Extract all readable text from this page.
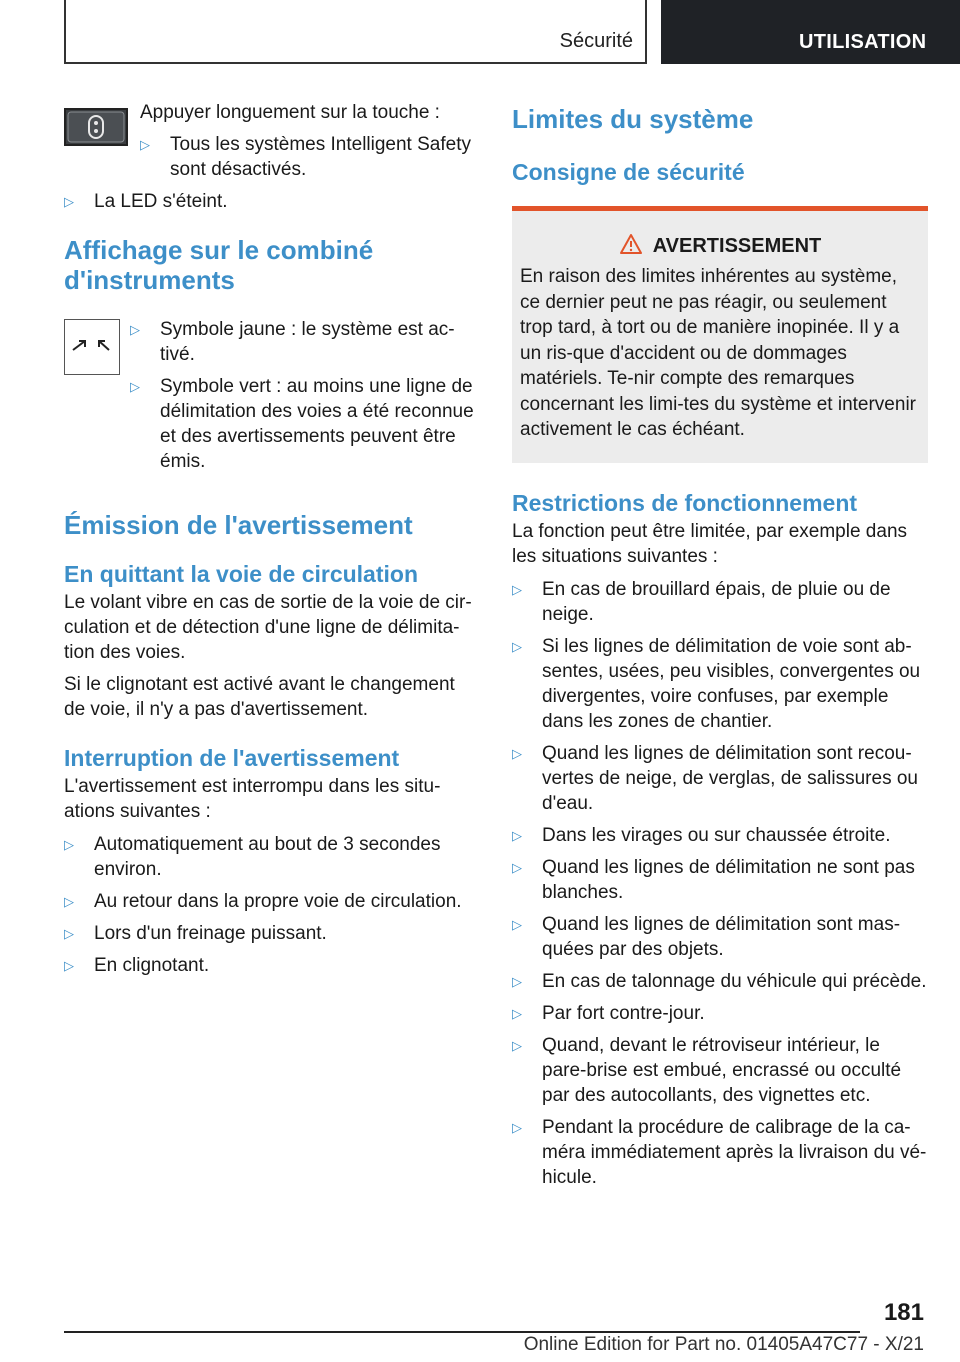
Sécurité	UTILISATION

Appuyer longuement sur la touche :

▷	Tous les systèmes Intelligent Safety sont désactivés.
▷	La LED s'éteint.
Affichage sur le combiné d'instruments
▷	Symbole jaune : le système est ac-tivé.
▷	Symbole vert : au moins une ligne de délimitation des voies a été reconnue et des avertissements peuvent être émis.
Émission de l'avertissement
En quittant la voie de circulation

Le volant vibre en cas de sortie de la voie de cir-culation et de détection d'une ligne de délimita-tion des voies.

Si le clignotant est activé avant le changement de voie, il n'y a pas d'avertissement.

Interruption de l'avertissement

L'avertissement est interrompu dans les situ-ations suivantes :

▷	Automatiquement au bout de 3 secondes environ.
▷	Au retour dans la propre voie de circulation.
▷	Lors d'un freinage puissant.
▷	En clignotant.
Limites du système
Consigne de sécurité
AVERTISSEMENT
En raison des limites inhérentes au système, ce dernier peut ne pas réagir, ou seulement trop tard, à tort ou de manière inopinée. Il y a un ris-que d'accident ou de dommages matériels. Te-nir compte des remarques concernant les limi-tes du système et intervenir activement le cas échéant.
Restrictions de fonctionnement

La fonction peut être limitée, par exemple dans les situations suivantes :

▷	En cas de brouillard épais, de pluie ou de neige.
▷	Si les lignes de délimitation de voie sont ab-sentes, usées, peu visibles, convergentes ou divergentes, voire confuses, par exemple dans les zones de chantier.
▷	Quand les lignes de délimitation sont recou-vertes de neige, de verglas, de salissures ou d'eau.
▷	Dans les virages ou sur chaussée étroite.
▷	Quand les lignes de délimitation ne sont pas blanches.
▷	Quand les lignes de délimitation sont mas-quées par des objets.
▷	En cas de talonnage du véhicule qui précède.
▷	Par fort contre-jour.
▷	Quand, devant le rétroviseur intérieur, le pare-brise est embué, encrassé ou occulté par des autocollants, des vignettes etc.
▷	Pendant la procédure de calibrage de la ca-méra immédiatement après la livraison du vé-hicule.
181
Online Edition for Part no. 01405A47C77 - X/21
